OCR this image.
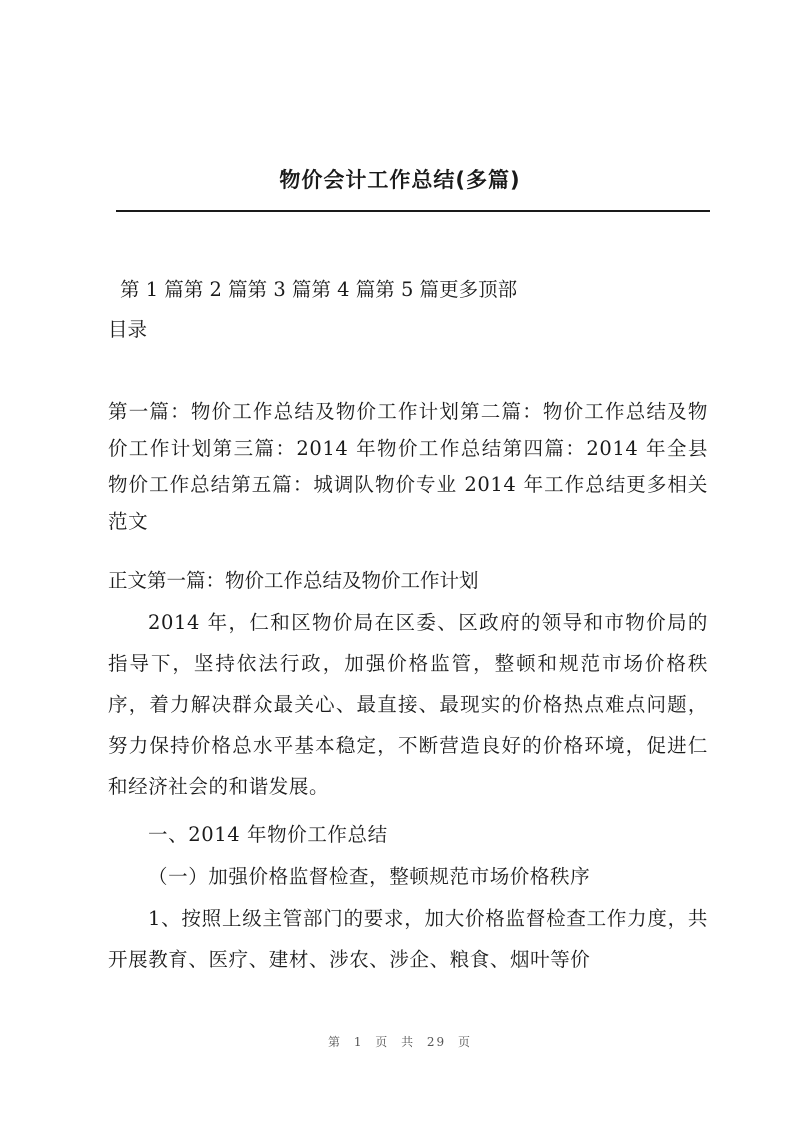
物价会计工作总结(多篇)
第 1 篇第 2 篇第 3 篇第 4 篇第 5 篇更多顶部
目录
第一篇：物价工作总结及物价工作计划第二篇：物价工作总结及物价工作计划第三篇：2014 年物价工作总结第四篇：2014 年全县物价工作总结第五篇：城调队物价专业 2014 年工作总结更多相关范文
正文第一篇：物价工作总结及物价工作计划
2014 年，仁和区物价局在区委、区政府的领导和市物价局的指导下，坚持依法行政，加强价格监管，整顿和规范市场价格秩序，着力解决群众最关心、最直接、最现实的价格热点难点问题，努力保持价格总水平基本稳定，不断营造良好的价格环境，促进仁和经济社会的和谐发展。
一、2014 年物价工作总结
（一）加强价格监督检查，整顿规范市场价格秩序
1、按照上级主管部门的要求，加大价格监督检查工作力度，共开展教育、医疗、建材、涉农、涉企、粮食、烟叶等价
第 1 页 共 29 页
